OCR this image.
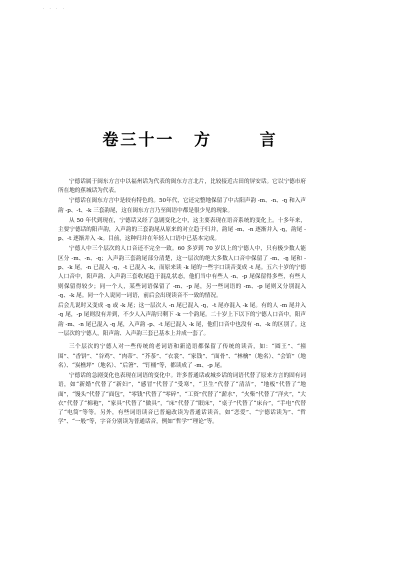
· · · ·
卷三十一 方 言

宁德话属于闽东方言中以福州话为代表的闽东方言北片，比较接近古田的屏安话。它以宁德市府所在地的蕉城话为代表。

宁德话在闽东方言中是较有特色的。50年代，它还完整地保留了中古阳声韵 -m、-n、-ŋ 和入声韵 -p、-t、-k 三套韵尾，这在闽东方言乃至闽语中都是很少见的现象。

从 50 年代到现在，宁德话又经了急剧变化之中，这主要表现在语音系统的变化上。十多年来，主要宁德话的阳声韵，入声韵的三套韵尾从原来的对立趋于归并，韵尾 -m、-n 逐渐并入 -ŋ，韵尾 -p、-t 逐渐并入 -k。目前，这种归并在年轻人口语中已基本完成。

宁德人中三个层次的人口音还不完全一致。60 多岁到 70 岁以上的宁德人中，只有极少数人能区分 -m、-n、-ŋ；入声韵三套韵尾部分清楚，这一层次的绝大多数人口音中保留了 -m、-ŋ 尾和 -p、-k 尾，-n 已混入 -ŋ，-t 已混入 -k，而原来读 -k 尾的一些字口读音变成 -t 尾。五六十岁的宁德人口音中，阳声韵、入声韵三套收尾趋于混乱状态，他们当中有些人 -n、-p 尾保留得多些，有些人则保留得较少；同一个人，某些词语保留了 -m、-p 尾，另一些词语的 -m、-p 尾则又分别混入 -ŋ、-k 尾。同一个人说同一词语，前后会出现读音不一致的情况。

后会儿说时又变成 -ŋ 或 -k 尾；这一层次人 -n 尾已混入 -ŋ，-t 尾亦混入 -k 尾。有的人 -m 尾并入 -ŋ 尾，-p 尾则没有并到，不少人入声韵只剩下 -k 一个韵尾。二十岁上下以下的宁德人口音中，阳声韵 -m、-n 尾已混入 -ŋ 尾，入声韵 -p、-t 尾已混入 -k 尾，他们口音中也没有 -n、-k 的区别了。这一层次的宁德人，阳声韵、入声韵三套已基本上并成一套了。

三个层次的宁德人对一些传统的老词语和新造语都保留了传统的读音，如：“圆王”、“撞围”、“香饼”、“谷鸡”、“肉蒂”、“芥茶”、“衣裳”、“家钱”、“面骨”、“林檎”（地名）、“会馆”（地名）、“炭樵坪”（地名）、“后箸”、“钉桶”等，都读成了 -m、-p 尾。

宁德话的急剧变化也表现在词语的变化中。许多普通话或城乡话的词语代替了原来方言的固有词语，如“新婚”代替了“新妇”，“感冒”代替了“受寒”，“卫生”代替了“清洁”，“地板”代替了“地面”，“馒头”代替了“面包”，“零钱”代替了“零碎”，“工资”代替了“薪水”，“火柴”代替了“洋火”，“大衣”代替了“棉袍”，“家具”代替了“做具”，“床”代替了“眠床”，“桌子”代替了“床台”，“手电”代替了“电筒”等等。另外，有些词语读音已普遍改读为普通话读音，如“恋爱”、“宁德话读为”、“哲学”、“一般”等，字音分别读为普通话音，例如“哲学”“理论”等。
